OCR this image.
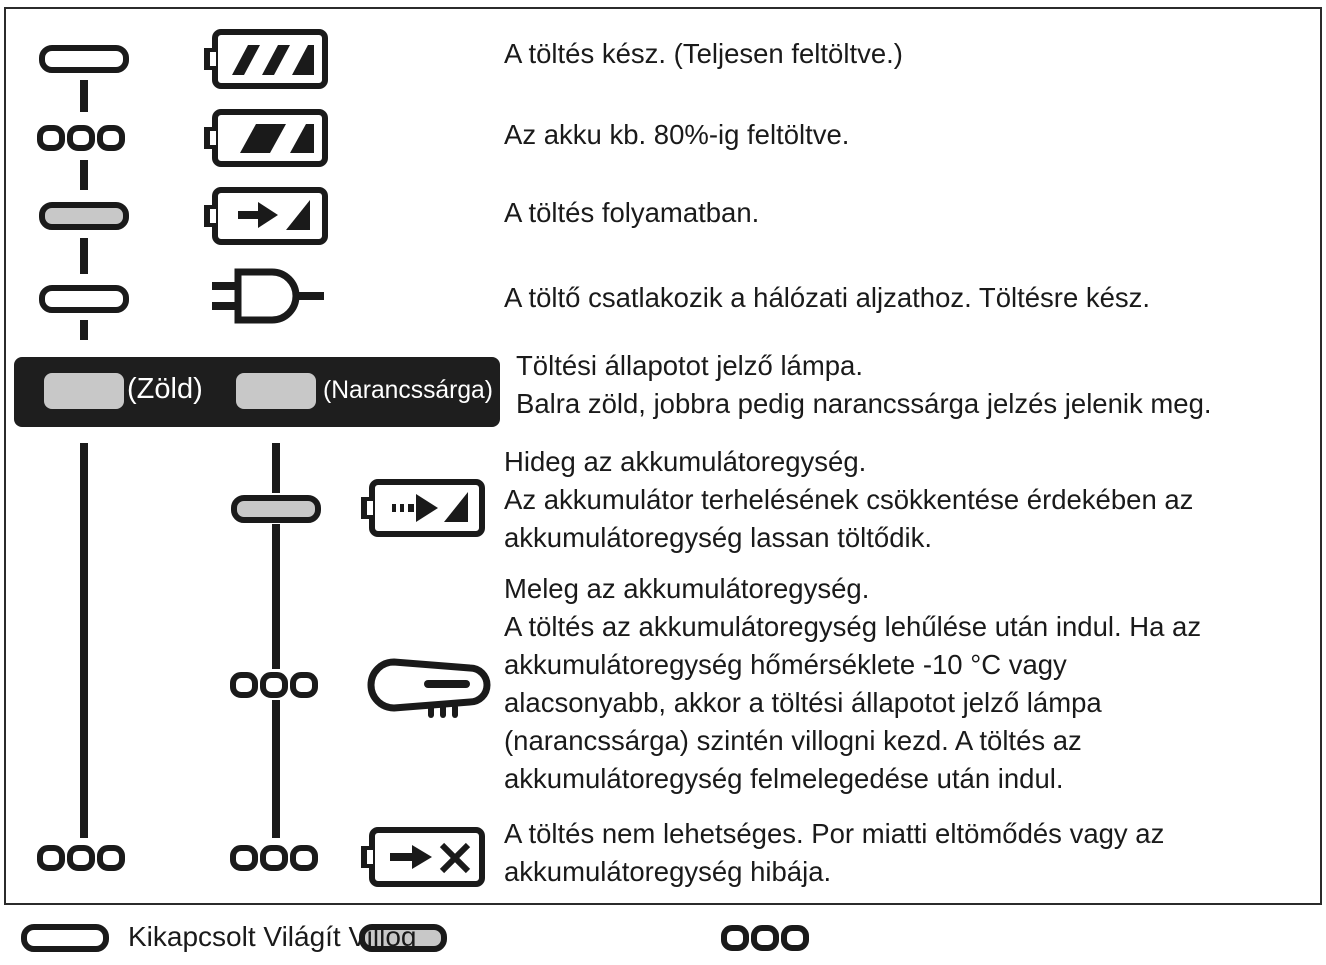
(Zöld)	(Narancssárga)
A töltés kész. (Teljesen feltöltve.)
Az akku kb. 80%-ig feltöltve.
A töltés folyamatban.
A töltő csatlakozik a hálózati aljzathoz. Töltésre kész.
Töltési állapotot jelző lámpa.
Balra zöld, jobbra pedig narancssárga jelzés jelenik meg.
Hideg az akkumulátoregység.
Az akkumulátor terhelésének csökkentése érdekében az
akkumulátoregység lassan töltődik.
Meleg az akkumulátoregység.
A töltés az akkumulátoregység lehűlése után indul. Ha az
akkumulátoregység hőmérséklete -10 °C vagy
alacsonyabb, akkor a töltési állapotot jelző lámpa
(narancssárga) szintén villogni kezd. A töltés az
akkumulátoregység felmelegedése után indul.
A töltés nem lehetséges. Por miatti eltömődés vagy az
akkumulátoregység hibája.
Kikapcsolt Világít Villog
